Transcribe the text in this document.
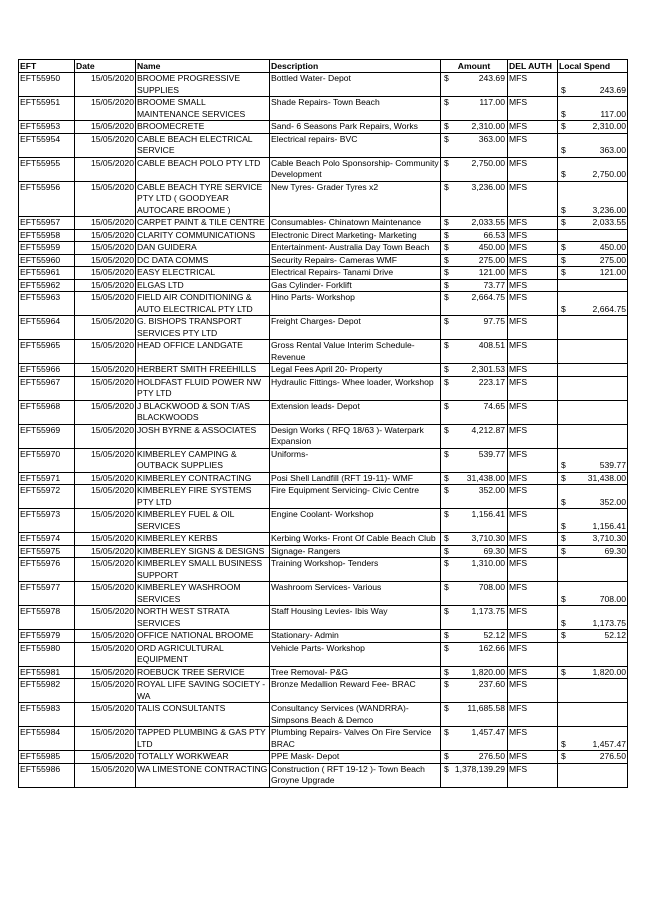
EFT	Date	Name	Description	Amount	DEL AUTH	Local Spend
EFT55950	15/05/2020	BROOME PROGRESSIVE SUPPLIES	Bottled Water- Depot	$ 243.69	MFS	$ 243.69

EFT55951	15/05/2020	BROOME SMALL MAINTENANCE SERVICES	Shade Repairs- Town Beach	$ 117.00	MFS	$ 117.00

EFT55953	15/05/2020	BROOMECRETE	Sand- 6 Seasons Park Repairs, Works	$ 2,310.00	MFS	$ 2,310.00

EFT55954	15/05/2020	CABLE BEACH ELECTRICAL SERVICE	Electrical repairs- BVC	$ 363.00	MFS	$ 363.00

EFT55955	15/05/2020	CABLE BEACH POLO PTY LTD	Cable Beach Polo Sponsorship- Community Development	$ 2,750.00	MFS	$ 2,750.00

EFT55956	15/05/2020	CABLE BEACH TYRE SERVICE PTY LTD ( GOODYEAR AUTOCARE BROOME )	New Tyres- Grader Tyres x2	$ 3,236.00	MFS	$ 3,236.00

EFT55957	15/05/2020	CARPET PAINT & TILE CENTRE	Consumables- Chinatown Maintenance	$ 2,033.55	MFS	$ 2,033.55

EFT55958	15/05/2020	CLARITY COMMUNICATIONS	Electronic Direct Marketing- Marketing	$ 66.53	MFS	
EFT55959	15/05/2020	DAN GUIDERA	Entertainment- Australia Day Town Beach	$ 450.00	MFS	$ 450.00

EFT55960	15/05/2020	DC DATA COMMS	Security Repairs- Cameras WMF	$ 275.00	MFS	$ 275.00

EFT55961	15/05/2020	EASY ELECTRICAL	Electrical Repairs- Tanami Drive	$ 121.00	MFS	$ 121.00

EFT55962	15/05/2020	ELGAS LTD	Gas Cylinder- Forklift	$ 73.77	MFS	
EFT55963	15/05/2020	FIELD AIR CONDITIONING & AUTO ELECTRICAL PTY LTD	Hino Parts- Workshop	$ 2,664.75	MFS	$ 2,664.75

EFT55964	15/05/2020	G. BISHOPS TRANSPORT SERVICES PTY LTD	Freight Charges- Depot	$ 97.75	MFS	
EFT55965	15/05/2020	HEAD OFFICE LANDGATE	Gross Rental Value Interim Schedule- Revenue	$ 408.51	MFS	
EFT55966	15/05/2020	HERBERT SMITH FREEHILLS	Legal Fees April 20- Property	$ 2,301.53	MFS	
EFT55967	15/05/2020	HOLDFAST FLUID POWER NW PTY LTD	Hydraulic Fittings- Whee loader, Workshop	$ 223.17	MFS	
EFT55968	15/05/2020	J BLACKWOOD & SON T/AS BLACKWOODS	Extension leads- Depot	$ 74.65	MFS	
EFT55969	15/05/2020	JOSH BYRNE & ASSOCIATES	Design Works ( RFQ 18/63 )- Waterpark Expansion	$ 4,212.87	MFS	
EFT55970	15/05/2020	KIMBERLEY CAMPING & OUTBACK SUPPLIES	Uniforms-	$ 539.77	MFS	$ 539.77

EFT55971	15/05/2020	KIMBERLEY CONTRACTING	Posi Shell Landfill (RFT 19-11)- WMF	$ 31,438.00	MFS	$ 31,438.00

EFT55972	15/05/2020	KIMBERLEY FIRE SYSTEMS PTY LTD	Fire Equipment Servicing- Civic Centre	$ 352.00	MFS	$ 352.00

EFT55973	15/05/2020	KIMBERLEY FUEL & OIL SERVICES	Engine Coolant- Workshop	$ 1,156.41	MFS	$ 1,156.41

EFT55974	15/05/2020	KIMBERLEY KERBS	Kerbing Works- Front Of Cable Beach Club	$ 3,710.30	MFS	$ 3,710.30

EFT55975	15/05/2020	KIMBERLEY SIGNS & DESIGNS	Signage- Rangers	$ 69.30	MFS	$ 69.30

EFT55976	15/05/2020	KIMBERLEY SMALL BUSINESS SUPPORT	Training Workshop- Tenders	$ 1,310.00	MFS	
EFT55977	15/05/2020	KIMBERLEY WASHROOM SERVICES	Washroom Services- Various	$ 708.00	MFS	$ 708.00

EFT55978	15/05/2020	NORTH WEST STRATA SERVICES	Staff Housing Levies- Ibis Way	$ 1,173.75	MFS	$ 1,173.75

EFT55979	15/05/2020	OFFICE NATIONAL BROOME	Stationary- Admin	$ 52.12	MFS	$ 52.12

EFT55980	15/05/2020	ORD AGRICULTURAL EQUIPMENT	Vehicle Parts- Workshop	$ 162.66	MFS	
EFT55981	15/05/2020	ROEBUCK TREE SERVICE	Tree Removal- P&G	$ 1,820.00	MFS	$ 1,820.00

EFT55982	15/05/2020	ROYAL LIFE SAVING SOCIETY - WA	Bronze Medallion Reward Fee- BRAC	$ 237.60	MFS	
EFT55983	15/05/2020	TALIS CONSULTANTS	Consultancy Services (WANDRRA)- Simpsons Beach & Demco	$ 11,685.58	MFS	
EFT55984	15/05/2020	TAPPED PLUMBING & GAS PTY LTD	Plumbing Repairs- Valves On Fire Service BRAC	$ 1,457.47	MFS	$ 1,457.47

EFT55985	15/05/2020	TOTALLY WORKWEAR	PPE Mask- Depot	$ 276.50	MFS	$ 276.50

EFT55986	15/05/2020	WA LIMESTONE CONTRACTING	Construction ( RFT 19-12 )- Town Beach Groyne Upgrade	$ 1,378,139.29	MFS	
